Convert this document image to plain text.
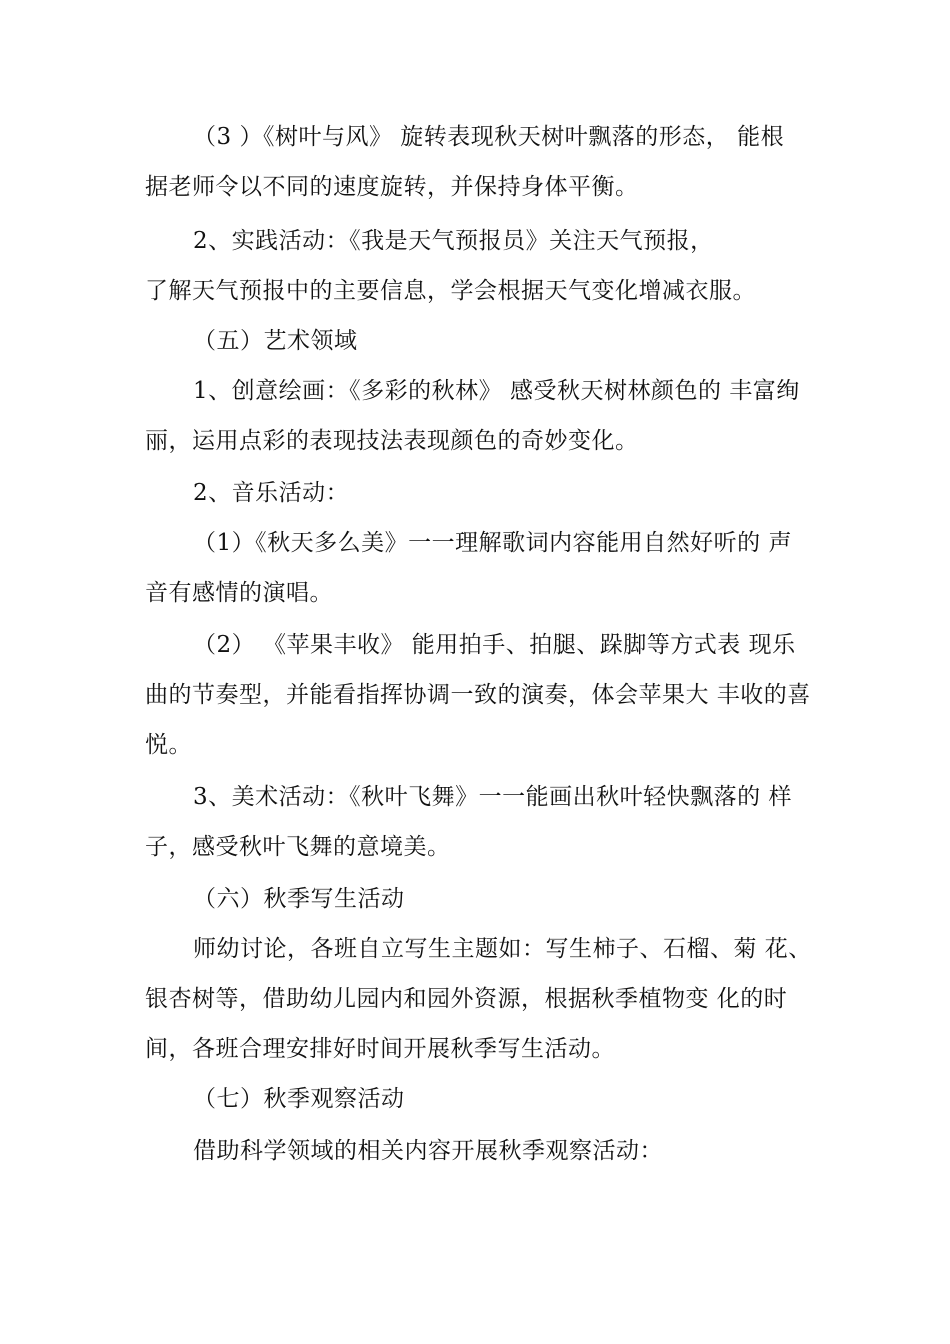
（3 ）《树叶与风》 旋转表现秋天树叶飘落的形态， 能根
据老师令以不同的速度旋转，并保持身体平衡。
2、实践活动：《我是天气预报员》关注天气预报，
了解天气预报中的主要信息，学会根据天气变化增减衣服。
（五）艺术领域
1、创意绘画：《多彩的秋林》 感受秋天树林颜色的 丰富绚
丽，运用点彩的表现技法表现颜色的奇妙变化。
2、音乐活动：
（1）《秋天多么美》一一理解歌词内容能用自然好听的 声
音有感情的演唱。
（2） 《苹果丰收》 能用拍手、拍腿、跺脚等方式表 现乐
曲的节奏型，并能看指挥协调一致的演奏，体会苹果大 丰收的喜
悦。
3、美术活动：《秋叶飞舞》一一能画出秋叶轻快飘落的 样
子，感受秋叶飞舞的意境美。
（六）秋季写生活动
师幼讨论，各班自立写生主题如：写生柿子、石榴、菊 花、
银杏树等，借助幼儿园内和园外资源，根据秋季植物变 化的时
间，各班合理安排好时间开展秋季写生活动。
（七）秋季观察活动
借助科学领域的相关内容开展秋季观察活动：
